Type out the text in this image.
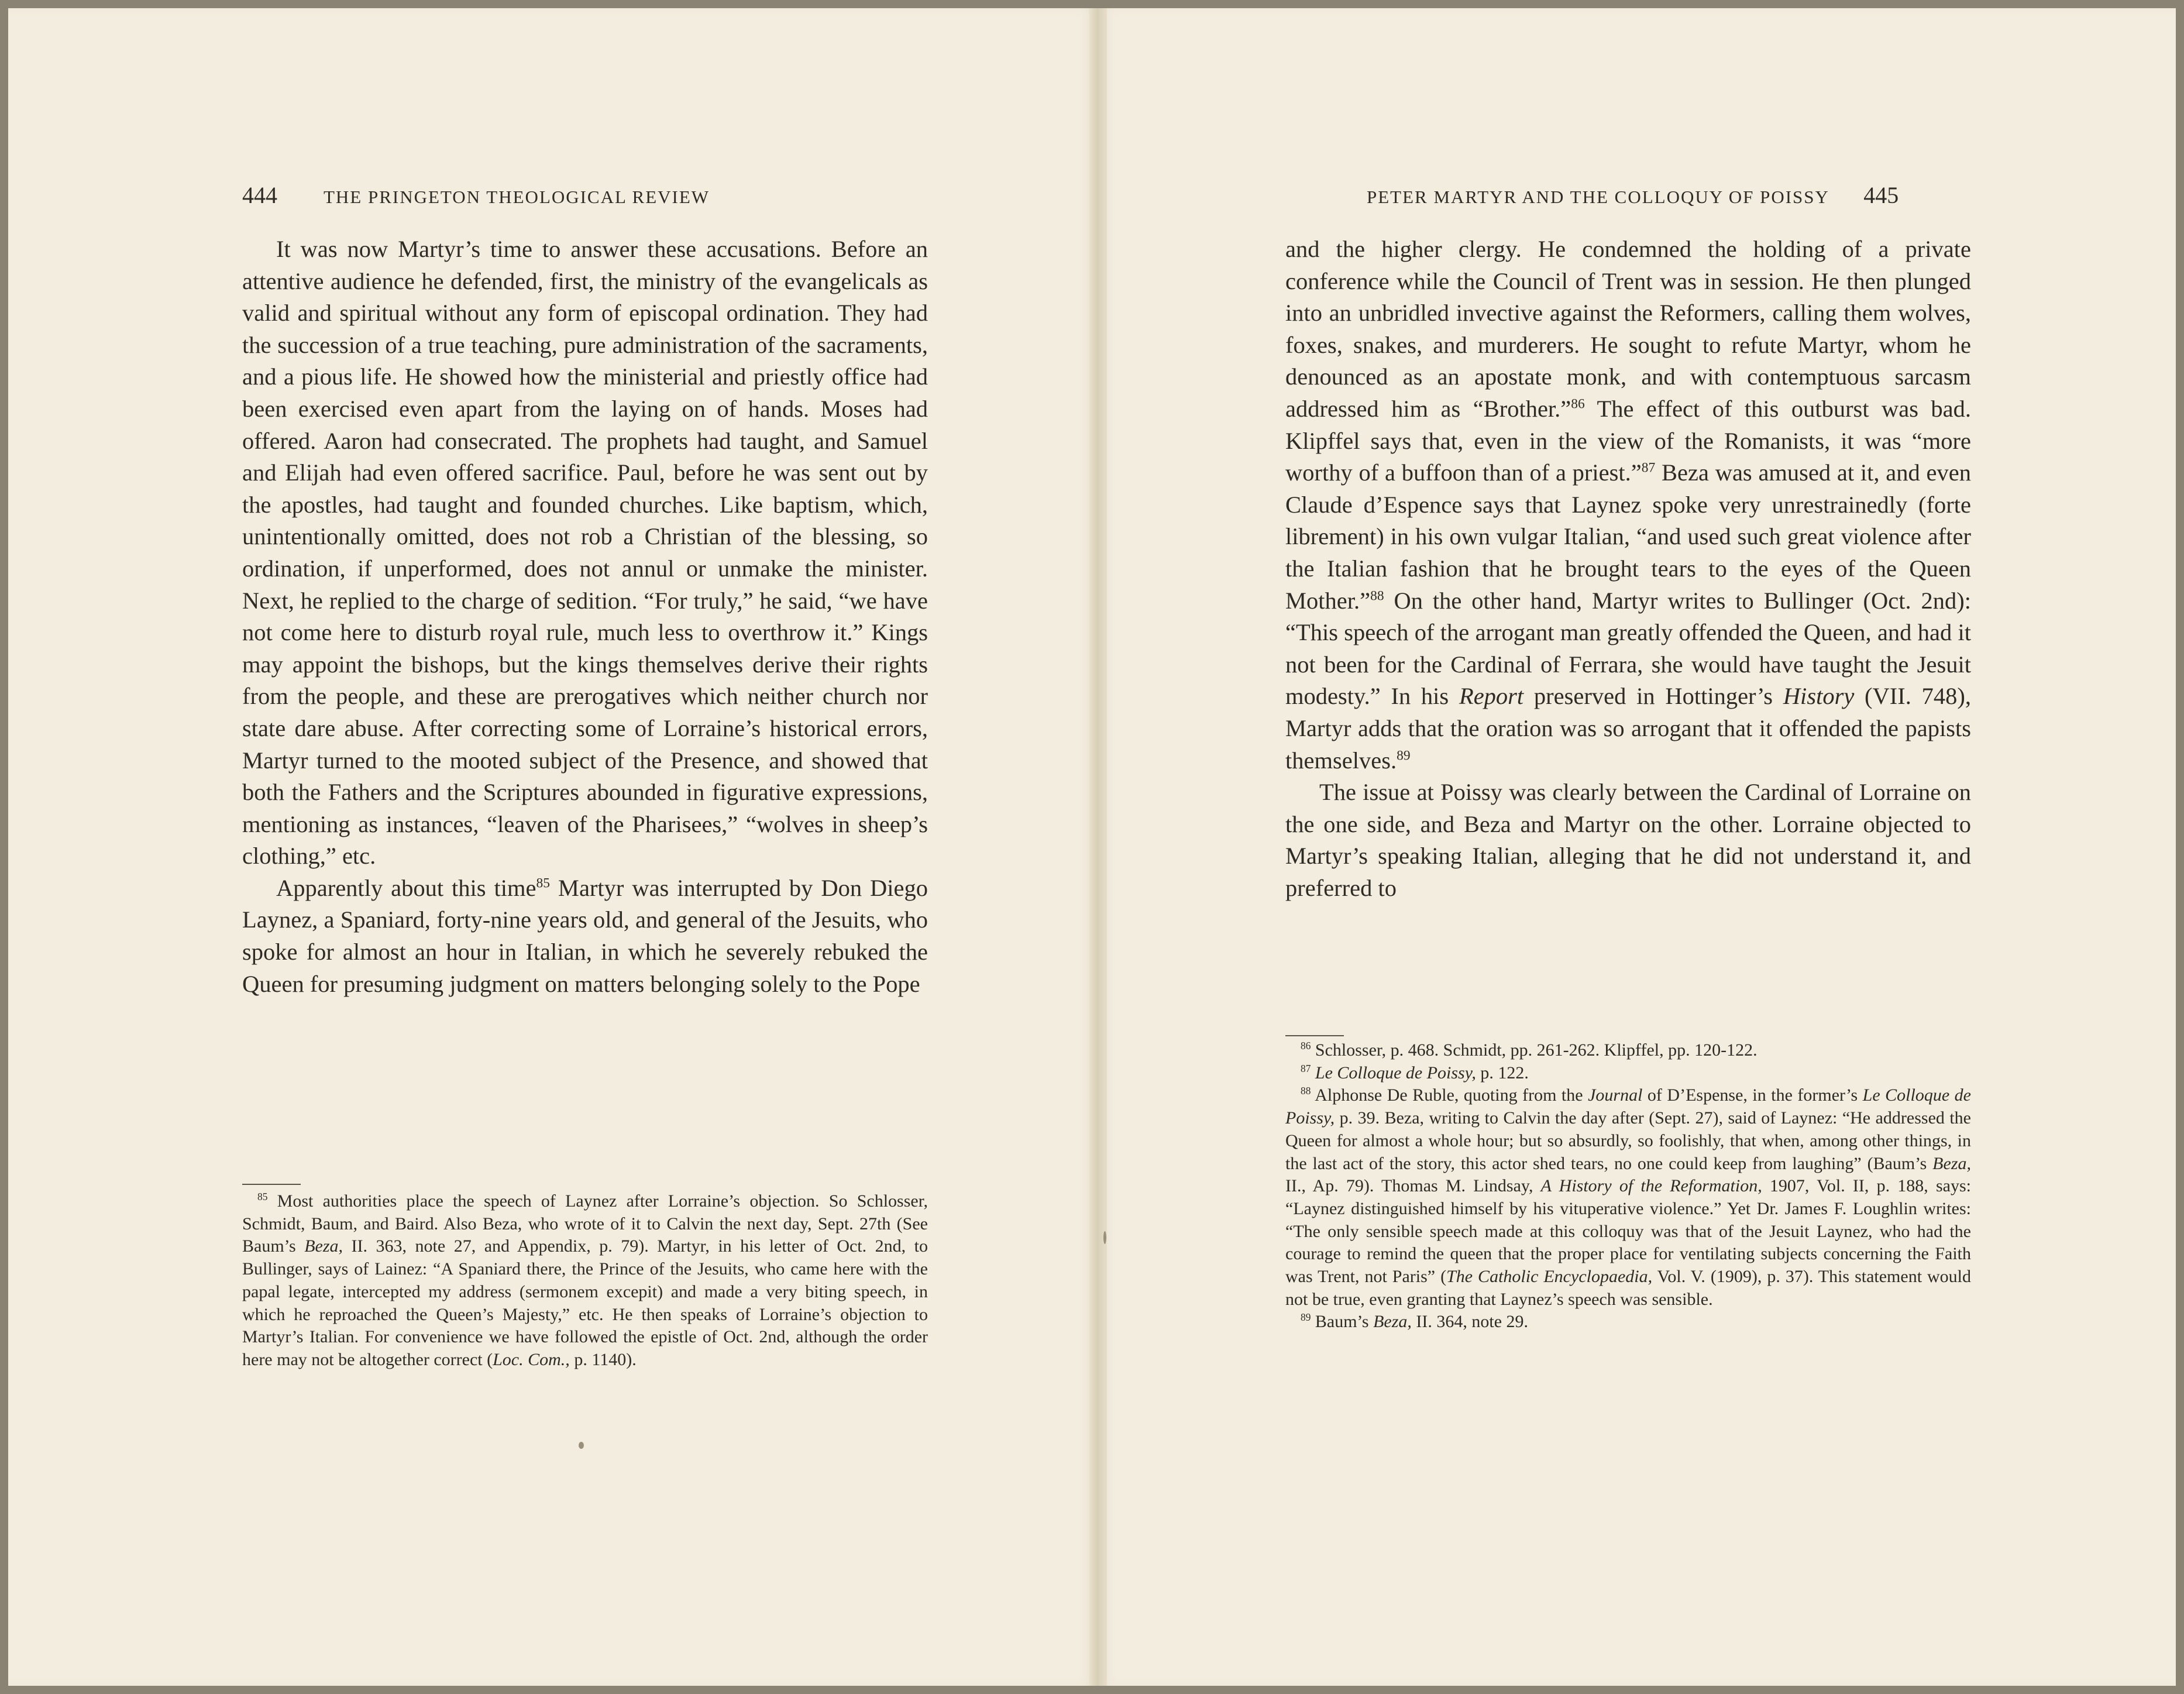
444	THE PRINGETON THEOLOGICAL REVIEW

It was now Martyr’s time to answer these accusations. Before an attentive audience he defended, first, the ministry of the evangelicals as valid and spiritual without any form of episcopal ordination. They had the succession of a true teaching, pure administration of the sacraments, and a pious life. He showed how the ministerial and priestly office had been exercised even apart from the laying on of hands. Moses had offered. Aaron had consecrated. The prophets had taught, and Samuel and Elijah had even offered sacrifice. Paul, before he was sent out by the apostles, had taught and founded churches. Like baptism, which, unintentionally omitted, does not rob a Christian of the blessing, so ordination, if unperformed, does not annul or unmake the minister. Next, he replied to the charge of sedition. “For truly,” he said, “we have not come here to disturb royal rule, much less to overthrow it.” Kings may appoint the bishops, but the kings themselves derive their rights from the people, and these are prerogatives which neither church nor state dare abuse. After correcting some of Lorraine’s historical errors, Martyr turned to the mooted subject of the Presence, and showed that both the Fathers and the Scriptures abounded in figurative expressions, mentioning as instances, “leaven of the Pharisees,” “wolves in sheep’s clothing,” etc.

Apparently about this time$^{85}$ Martyr was interrupted by Don Diego Laynez, a Spaniard, forty-nine years old, and general of the Jesuits, who spoke for almost an hour in Italian, in which he severely rebuked the Queen for presuming judgment on matters belonging solely to the Pope

$^{85}$ Most authorities place the speech of Laynez after Lorraine’s objection. So Schlosser, Schmidt, Baum, and Baird. Also Beza, who wrote of it to Calvin the next day, Sept. 27th (See Baum’s Beza, II. 363, note 27, and Appendix, p. 79). Martyr, in his letter of Oct. 2nd, to Bullinger, says of Lainez: “A Spaniard there, the Prince of the Jesuits, who came here with the papal legate, intercepted my address (sermonem excepit) and made a very biting speech, in which he reproached the Queen’s Majesty,” etc. He then speaks of Lorraine’s objection to Martyr’s Italian. For convenience we have followed the epistle of Oct. 2nd, although the order here may not be altogether correct (Loc. Com., p. 1140).

PETER MARTYR AND THE COLLOQUY OF POISSY 445

and the higher clergy. He condemned the holding of a private conference while the Council of Trent was in session. He then plunged into an unbridled invective against the Reformers, calling them wolves, foxes, snakes, and murderers. He sought to refute Martyr, whom he denounced as an apostate monk, and with contemptuous sarcasm addressed him as “Brother.”$^{86}$ The effect of this outburst was bad. Klipffel says that, even in the view of the Romanists, it was “more worthy of a buffoon than of a priest.”$^{87}$ Beza was amused at it, and even Claude d’Espence says that Laynez spoke very unrestrainedly (forte librement) in his own vulgar Italian, “and used such great violence after the Italian fashion that he brought tears to the eyes of the Queen Mother.”$^{88}$ On the other hand, Martyr writes to Bullinger (Oct. 2nd): “This speech of the arrogant man greatly offended the Queen, and had it not been for the Cardinal of Ferrara, she would have taught the Jesuit modesty.” In his Report preserved in Hottinger’s History (VII. 748), Martyr adds that the oration was so arrogant that it offended the papists themselves.$^{89}$

The issue at Poissy was clearly between the Cardinal of Lorraine on the one side, and Beza and Martyr on the other. Lorraine objected to Martyr’s speaking Italian, alleging that he did not understand it, and preferred to

$^{86}$ Schlosser, p. 468. Schmidt, pp. 261-262. Klipffel, pp. 120-122.

$^{87}$ Le Colloque de Poissy, p. 122.

$^{88}$ Alphonse De Ruble, quoting from the Journal of D’Espense, in the former’s Le Colloque de Poissy, p. 39. Beza, writing to Calvin the day after (Sept. 27), said of Laynez: “He addressed the Queen for almost a whole hour; but so absurdly, so foolishly, that when, among other things, in the last act of the story, this actor shed tears, no one could keep from laughing” (Baum’s Beza, II., Ap. 79). Thomas M. Lindsay, A History of the Reformation, 1907, Vol. II, p. 188, says: “Laynez distinguished himself by his vituperative violence.” Yet Dr. James F. Loughlin writes: “The only sensible speech made at this colloquy was that of the Jesuit Laynez, who had the courage to remind the queen that the proper place for ventilating subjects concerning the Faith was Trent, not Paris” (The Catholic Encyclopaedia, Vol. V. (1909), p. 37). This statement would not be true, even granting that Laynez’s speech was sensible.

$^{89}$ Baum’s Beza, II. 364, note 29.
